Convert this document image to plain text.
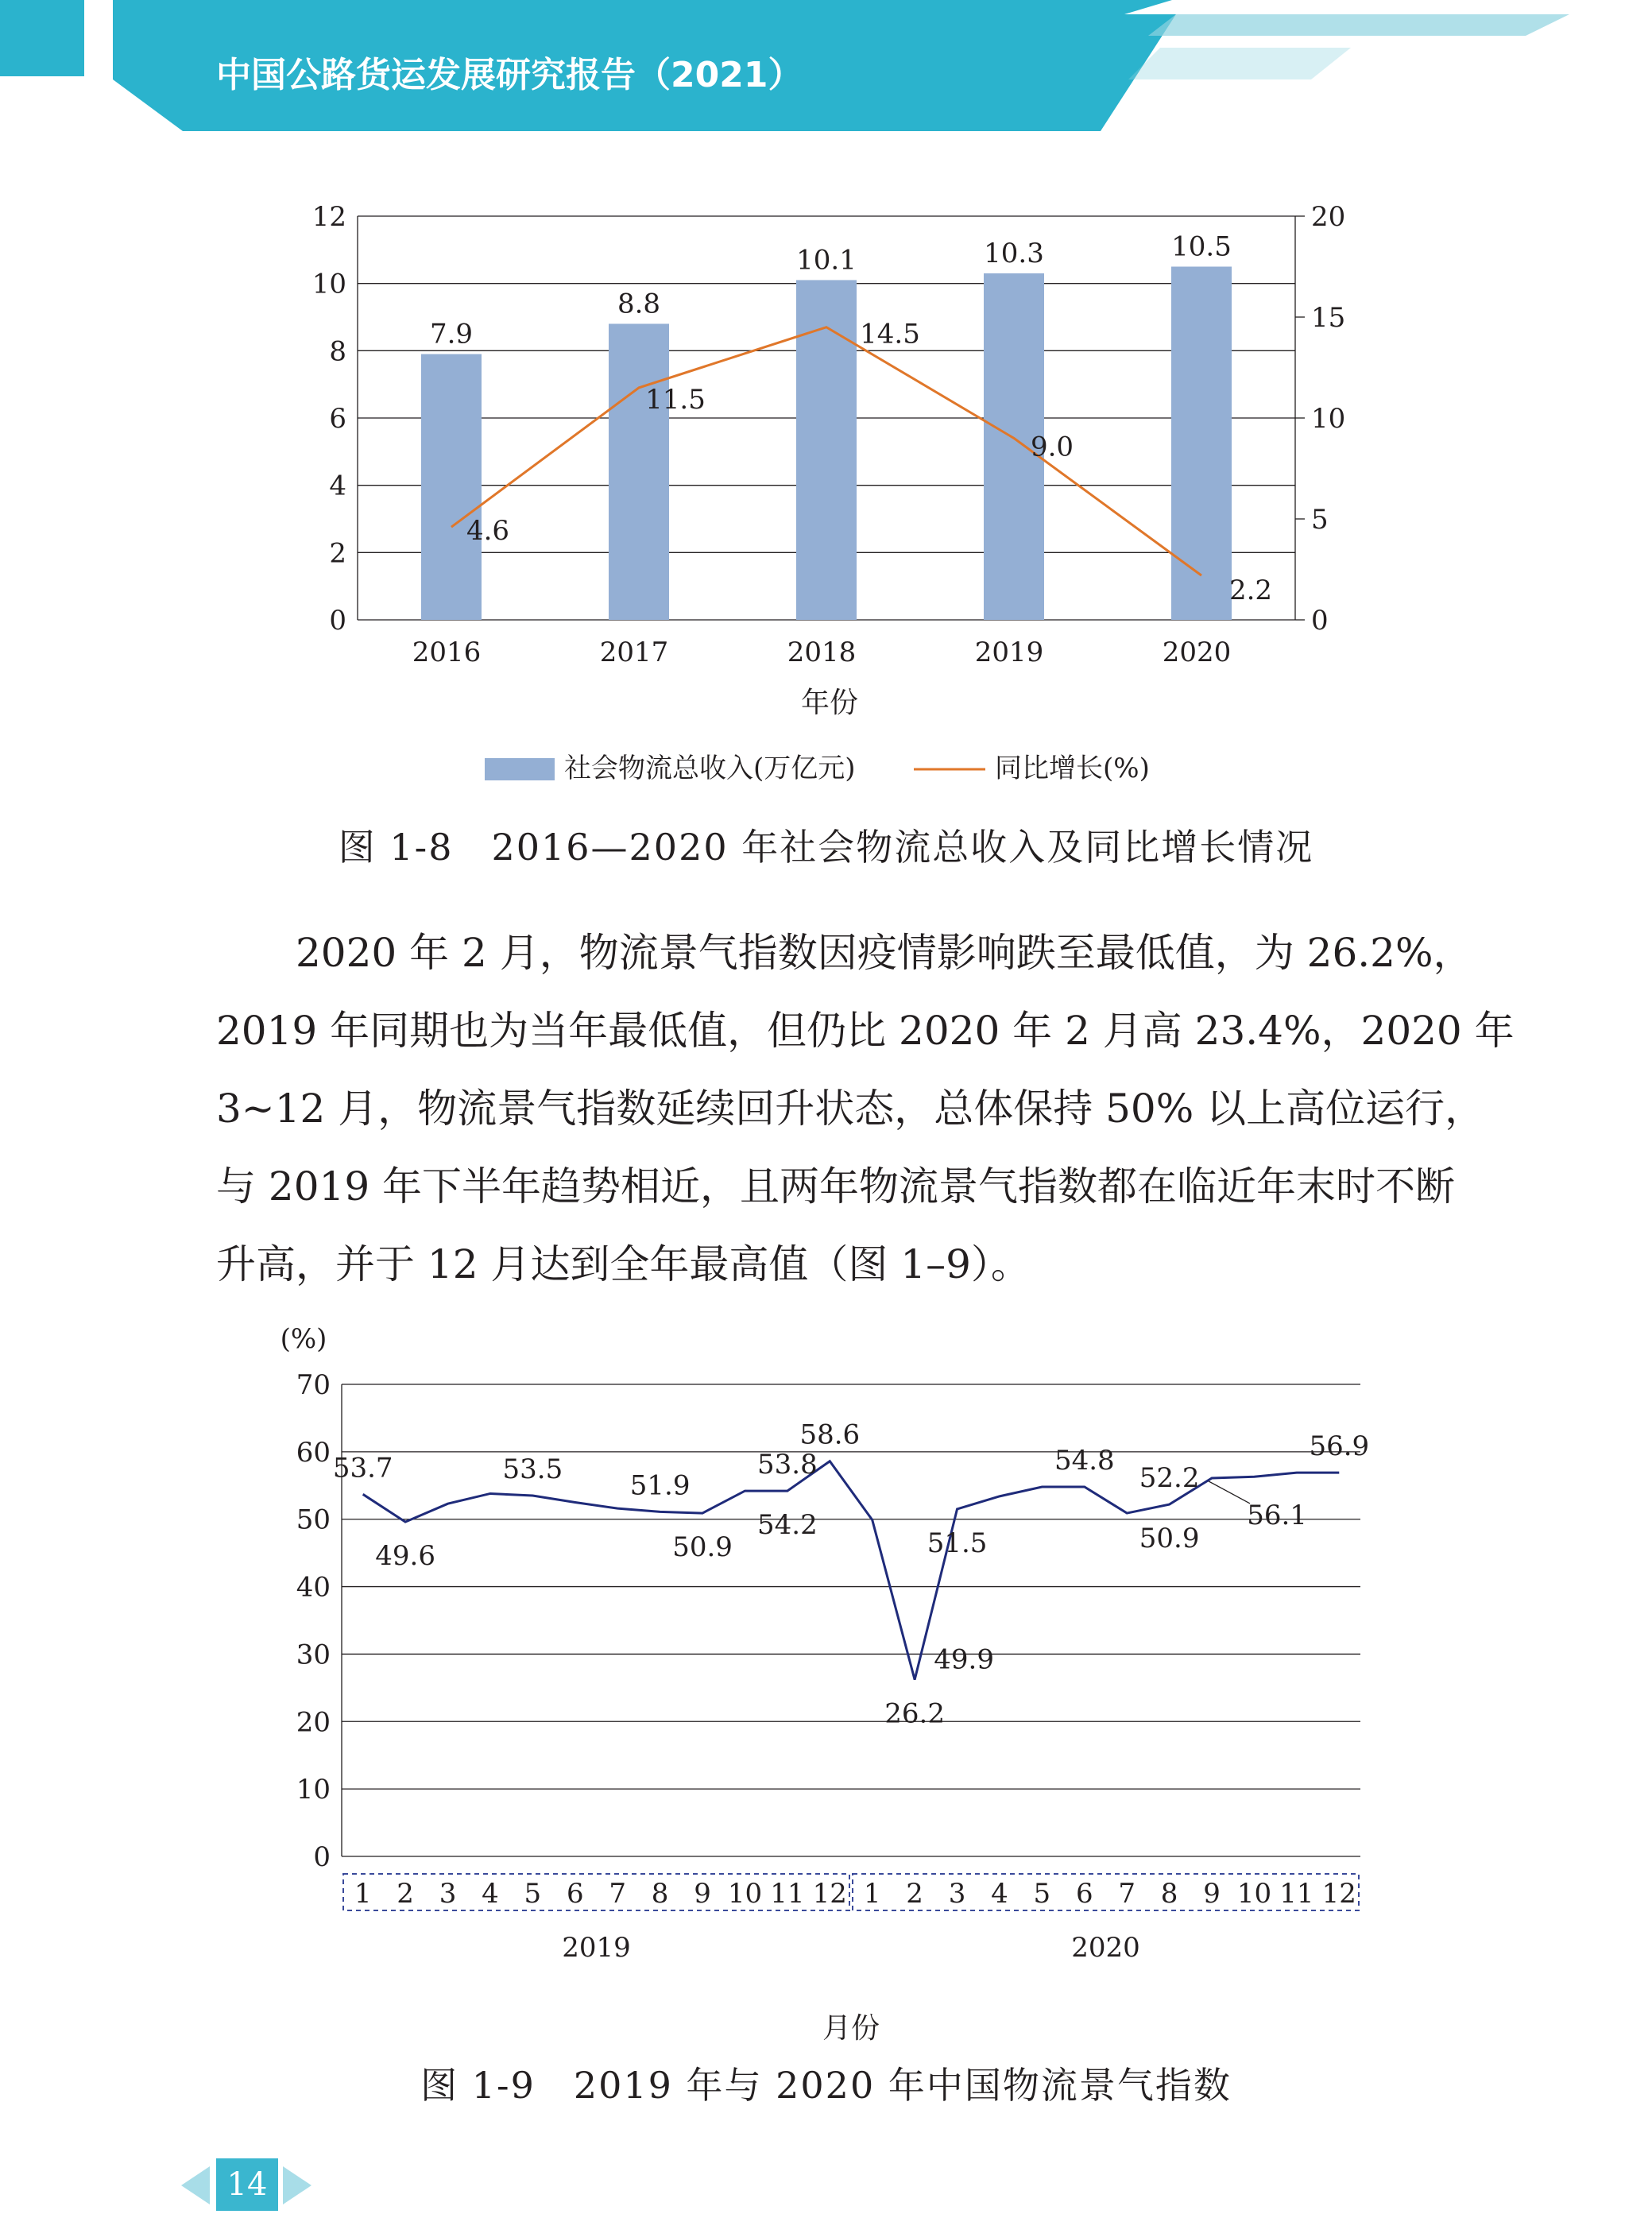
中国公路货运发展研究报告（2021）
0
2
4
6
8
10
12
0
5
10
15
20
7.9
8.8
10.1	10.3	10.5
4.6
11.5
14.5
9.0
2.2
2016	2017	2018	2019	2020
年份
社会物流总收入(万亿元)	同比增长(%)
图 1-8　2016—2020 年社会物流总收入及同比增长情况
2020 年 2 月，物流景气指数因疫情影响跌至最低值，为 26.2%，
2019 年同期也为当年最低值，但仍比 2020 年 2 月高 23.4%，2020 年
3~12 月，物流景气指数延续回升状态，总体保持 50% 以上高位运行，
与 2019 年下半年趋势相近，且两年物流景气指数都在临近年末时不断
升高，并于 12 月达到全年最高值（图 1–9）。
(%)
0
10
20
30
40
50
60
70
53.7
49.6
53.5
51.9
50.9
53.8
54.2
58.6
49.9
26.2
51.5
54.8
50.9
52.2
56.1
56.9
2019
1 2 3 4 5 6 7 8 9 10 11 12
2020
1 2 3 4 5 6 7 8 9 10 11 12
月份
图 1-9　2019 年与 2020 年中国物流景气指数
14
